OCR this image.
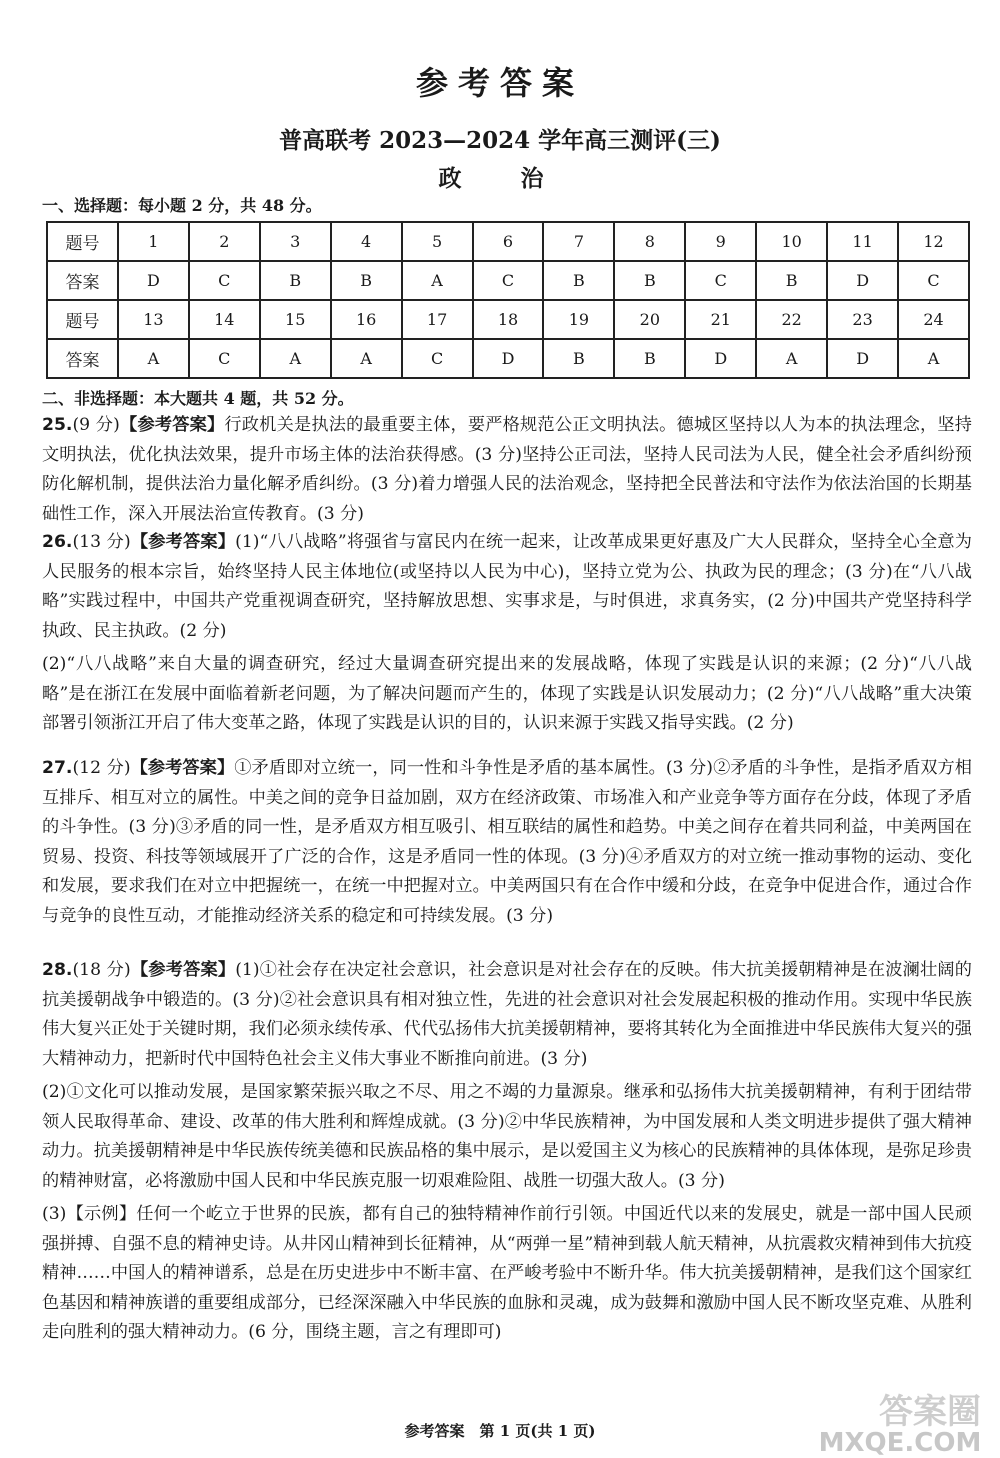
参考答案
普高联考 2023—2024 学年高三测评(三)
政　治
一、选择题：每小题 2 分，共 48 分。
题号	1	2	3	4	5	6	7	8	9	10	11	12
答案	D	C	B	B	A	C	B	B	C	B	D	C
题号	13	14	15	16	17	18	19	20	21	22	23	24
答案	A	C	A	A	C	D	B	B	D	A	D	A
二、非选择题：本大题共 4 题，共 52 分。

25.(9 分)【参考答案】行政机关是执法的最重要主体，要严格规范公正文明执法。德城区坚持以人为本的执法理念，坚持文明执法，优化执法效果，提升市场主体的法治获得感。(3 分)坚持公正司法，坚持人民司法为人民，健全社会矛盾纠纷预防化解机制，提供法治力量化解矛盾纠纷。(3 分)着力增强人民的法治观念，坚持把全民普法和守法作为依法治国的长期基础性工作，深入开展法治宣传教育。(3 分)

26.(13 分)【参考答案】(1)“八八战略”将强省与富民内在统一起来，让改革成果更好惠及广大人民群众，坚持全心全意为人民服务的根本宗旨，始终坚持人民主体地位(或坚持以人民为中心)，坚持立党为公、执政为民的理念；(3 分)在“八八战略”实践过程中，中国共产党重视调查研究，坚持解放思想、实事求是，与时俱进，求真务实，(2 分)中国共产党坚持科学执政、民主执政。(2 分)

(2)“八八战略”来自大量的调查研究，经过大量调查研究提出来的发展战略，体现了实践是认识的来源；(2 分)“八八战略”是在浙江在发展中面临着新老问题，为了解决问题而产生的，体现了实践是认识发展动力；(2 分)“八八战略”重大决策部署引领浙江开启了伟大变革之路，体现了实践是认识的目的，认识来源于实践又指导实践。(2 分)

27.(12 分)【参考答案】①矛盾即对立统一，同一性和斗争性是矛盾的基本属性。(3 分)②矛盾的斗争性，是指矛盾双方相互排斥、相互对立的属性。中美之间的竞争日益加剧，双方在经济政策、市场准入和产业竞争等方面存在分歧，体现了矛盾的斗争性。(3 分)③矛盾的同一性，是矛盾双方相互吸引、相互联结的属性和趋势。中美之间存在着共同利益，中美两国在贸易、投资、科技等领域展开了广泛的合作，这是矛盾同一性的体现。(3 分)④矛盾双方的对立统一推动事物的运动、变化和发展，要求我们在对立中把握统一，在统一中把握对立。中美两国只有在合作中缓和分歧，在竞争中促进合作，通过合作与竞争的良性互动，才能推动经济关系的稳定和可持续发展。(3 分)

28.(18 分)【参考答案】(1)①社会存在决定社会意识，社会意识是对社会存在的反映。伟大抗美援朝精神是在波澜壮阔的抗美援朝战争中锻造的。(3 分)②社会意识具有相对独立性，先进的社会意识对社会发展起积极的推动作用。实现中华民族伟大复兴正处于关键时期，我们必须永续传承、代代弘扬伟大抗美援朝精神，要将其转化为全面推进中华民族伟大复兴的强大精神动力，把新时代中国特色社会主义伟大事业不断推向前进。(3 分)

(2)①文化可以推动发展，是国家繁荣振兴取之不尽、用之不竭的力量源泉。继承和弘扬伟大抗美援朝精神，有利于团结带领人民取得革命、建设、改革的伟大胜利和辉煌成就。(3 分)②中华民族精神，为中国发展和人类文明进步提供了强大精神动力。抗美援朝精神是中华民族传统美德和民族品格的集中展示，是以爱国主义为核心的民族精神的具体体现，是弥足珍贵的精神财富，必将激励中国人民和中华民族克服一切艰难险阻、战胜一切强大敌人。(3 分)

(3)【示例】任何一个屹立于世界的民族，都有自己的独特精神作前行引领。中国近代以来的发展史，就是一部中国人民顽强拼搏、自强不息的精神史诗。从井冈山精神到长征精神，从“两弹一星”精神到载人航天精神，从抗震救灾精神到伟大抗疫精神……中国人的精神谱系，总是在历史进步中不断丰富、在严峻考验中不断升华。伟大抗美援朝精神，是我们这个国家红色基因和精神族谱的重要组成部分，已经深深融入中华民族的血脉和灵魂，成为鼓舞和激励中国人民不断攻坚克难、从胜利走向胜利的强大精神动力。(6 分，围绕主题，言之有理即可)

参考答案　第 1 页(共 1 页)	答案圈
MXQE.COM
